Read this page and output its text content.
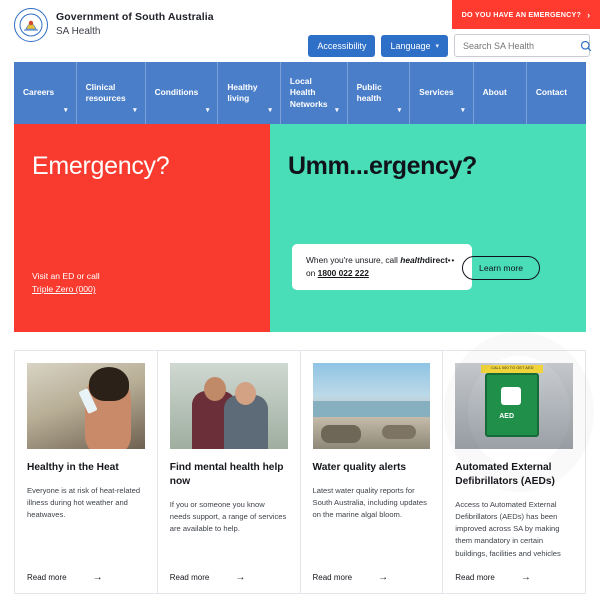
Government of South Australia
SA Health
DO YOU HAVE AN EMERGENCY? ›
Accessibility	Language ▾
Search SA Health
Careers
▾
Clinical resources
▾
Conditions
▾
Healthy living
▾
Local Health Networks
▾
Public health
▾
Services
▾
About	Contact
Emergency?
Visit an ED or call
Triple Zero (000)
Umm...ergency?
When you're unsure, call healthdirect••
on 1800 022 222
Learn more
Healthy in the Heat
Everyone is at risk of heat-related illness during hot weather and heatwaves.
Read more	→
Find mental health help now
If you or someone you know needs support, a range of services are available to help.
Read more	→
Water quality alerts
Latest water quality reports for South Australia, including updates on the marine algal bloom.
Read more	→
CALL 000 TO GET AED
AED
Automated External Defibrillators (AEDs)
Access to Automated External Defibrillators (AEDs) has been improved across SA by making them mandatory in certain buildings, facilities and vehicles
Read more	→
